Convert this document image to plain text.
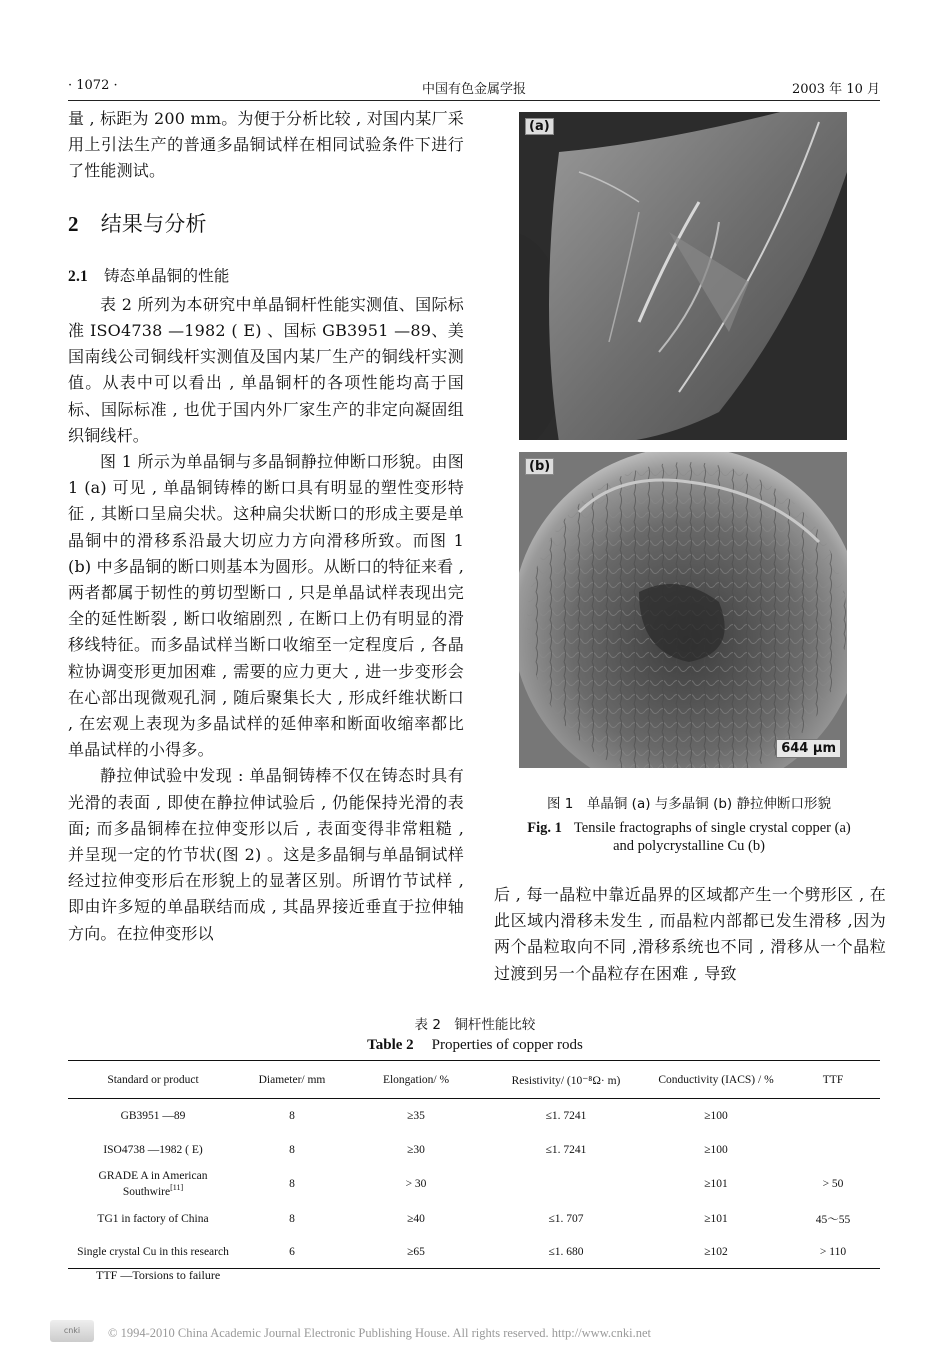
· 1072 ·	中国有色金属学报	2003 年 10 月

量 , 标距为 200 mm。为便于分析比较 , 对国内某厂采用上引法生产的普通多晶铜试样在相同试验条件下进行了性能测试。

2 结果与分析
2.1 铸态单晶铜的性能

表 2 所列为本研究中单晶铜杆性能实测值、国际标准 ISO4738 —1982 ( E) 、国标 GB3951 —89、美国南线公司铜线杆实测值及国内某厂生产的铜线杆实测值。从表中可以看出 , 单晶铜杆的各项性能均高于国标、国际标准 , 也优于国内外厂家生产的非定向凝固组织铜线杆。

图 1 所示为单晶铜与多晶铜静拉伸断口形貌。由图 1 (a) 可见 , 单晶铜铸棒的断口具有明显的塑性变形特征 , 其断口呈扁尖状。这种扁尖状断口的形成主要是单晶铜中的滑移系沿最大切应力方向滑移所致。而图 1 (b) 中多晶铜的断口则基本为圆形。从断口的特征来看 , 两者都属于韧性的剪切型断口 , 只是单晶试样表现出完全的延性断裂 , 断口收缩剧烈 , 在断口上仍有明显的滑移线特征。而多晶试样当断口收缩至一定程度后 , 各晶粒协调变形更加困难 , 需要的应力更大 , 进一步变形会在心部出现微观孔洞 , 随后聚集长大 , 形成纤维状断口 , 在宏观上表现为多晶试样的延伸率和断面收缩率都比单晶试样的小得多。

静拉伸试验中发现 : 单晶铜铸棒不仅在铸态时具有光滑的表面 , 即使在静拉伸试验后 , 仍能保持光滑的表面; 而多晶铜棒在拉伸变形以后 , 表面变得非常粗糙 , 并呈现一定的竹节状(图 2) 。这是多晶铜与单晶铜试样经过拉伸变形后在形貌上的显著区别。所谓竹节试样 , 即由许多短的单晶联结而成 , 其晶界接近垂直于拉伸轴方向。在拉伸变形以

(a)
(b)
644 μm
图 1　单晶铜 (a) 与多晶铜 (b) 静拉伸断口形貌
Fig. 1 Tensile fractographs of single crystal copper (a) and polycrystalline Cu (b)

后 , 每一晶粒中靠近晶界的区域都产生一个劈形区 , 在此区域内滑移未发生 , 而晶粒内部都已发生滑移 ,因为两个晶粒取向不同 ,滑移系统也不同 , 滑移从一个晶粒过渡到另一个晶粒存在困难 , 导致

表 2　铜杆性能比较
Table 2 Properties of copper rods
Standard or product	Diameter/ mm	Elongation/ %	Resistivity/ (10⁻⁸Ω· m)	Conductivity (IACS) / %	TTF
GB3951 —89	8	≥35	≤1. 7241	≥100	
ISO4738 —1982 ( E)	8	≥30	≤1. 7241	≥100	
GRADE A in American Southwire[11]	8	> 30		≥101	> 50
TG1 in factory of China	8	≥40	≤1. 707	≥101	45～55
Single crystal Cu in this research	6	≥65	≤1. 680	≥102	> 110
TTF —Torsions to failure
cnki	© 1994-2010 China Academic Journal Electronic Publishing House. All rights reserved. http://www.cnki.net
